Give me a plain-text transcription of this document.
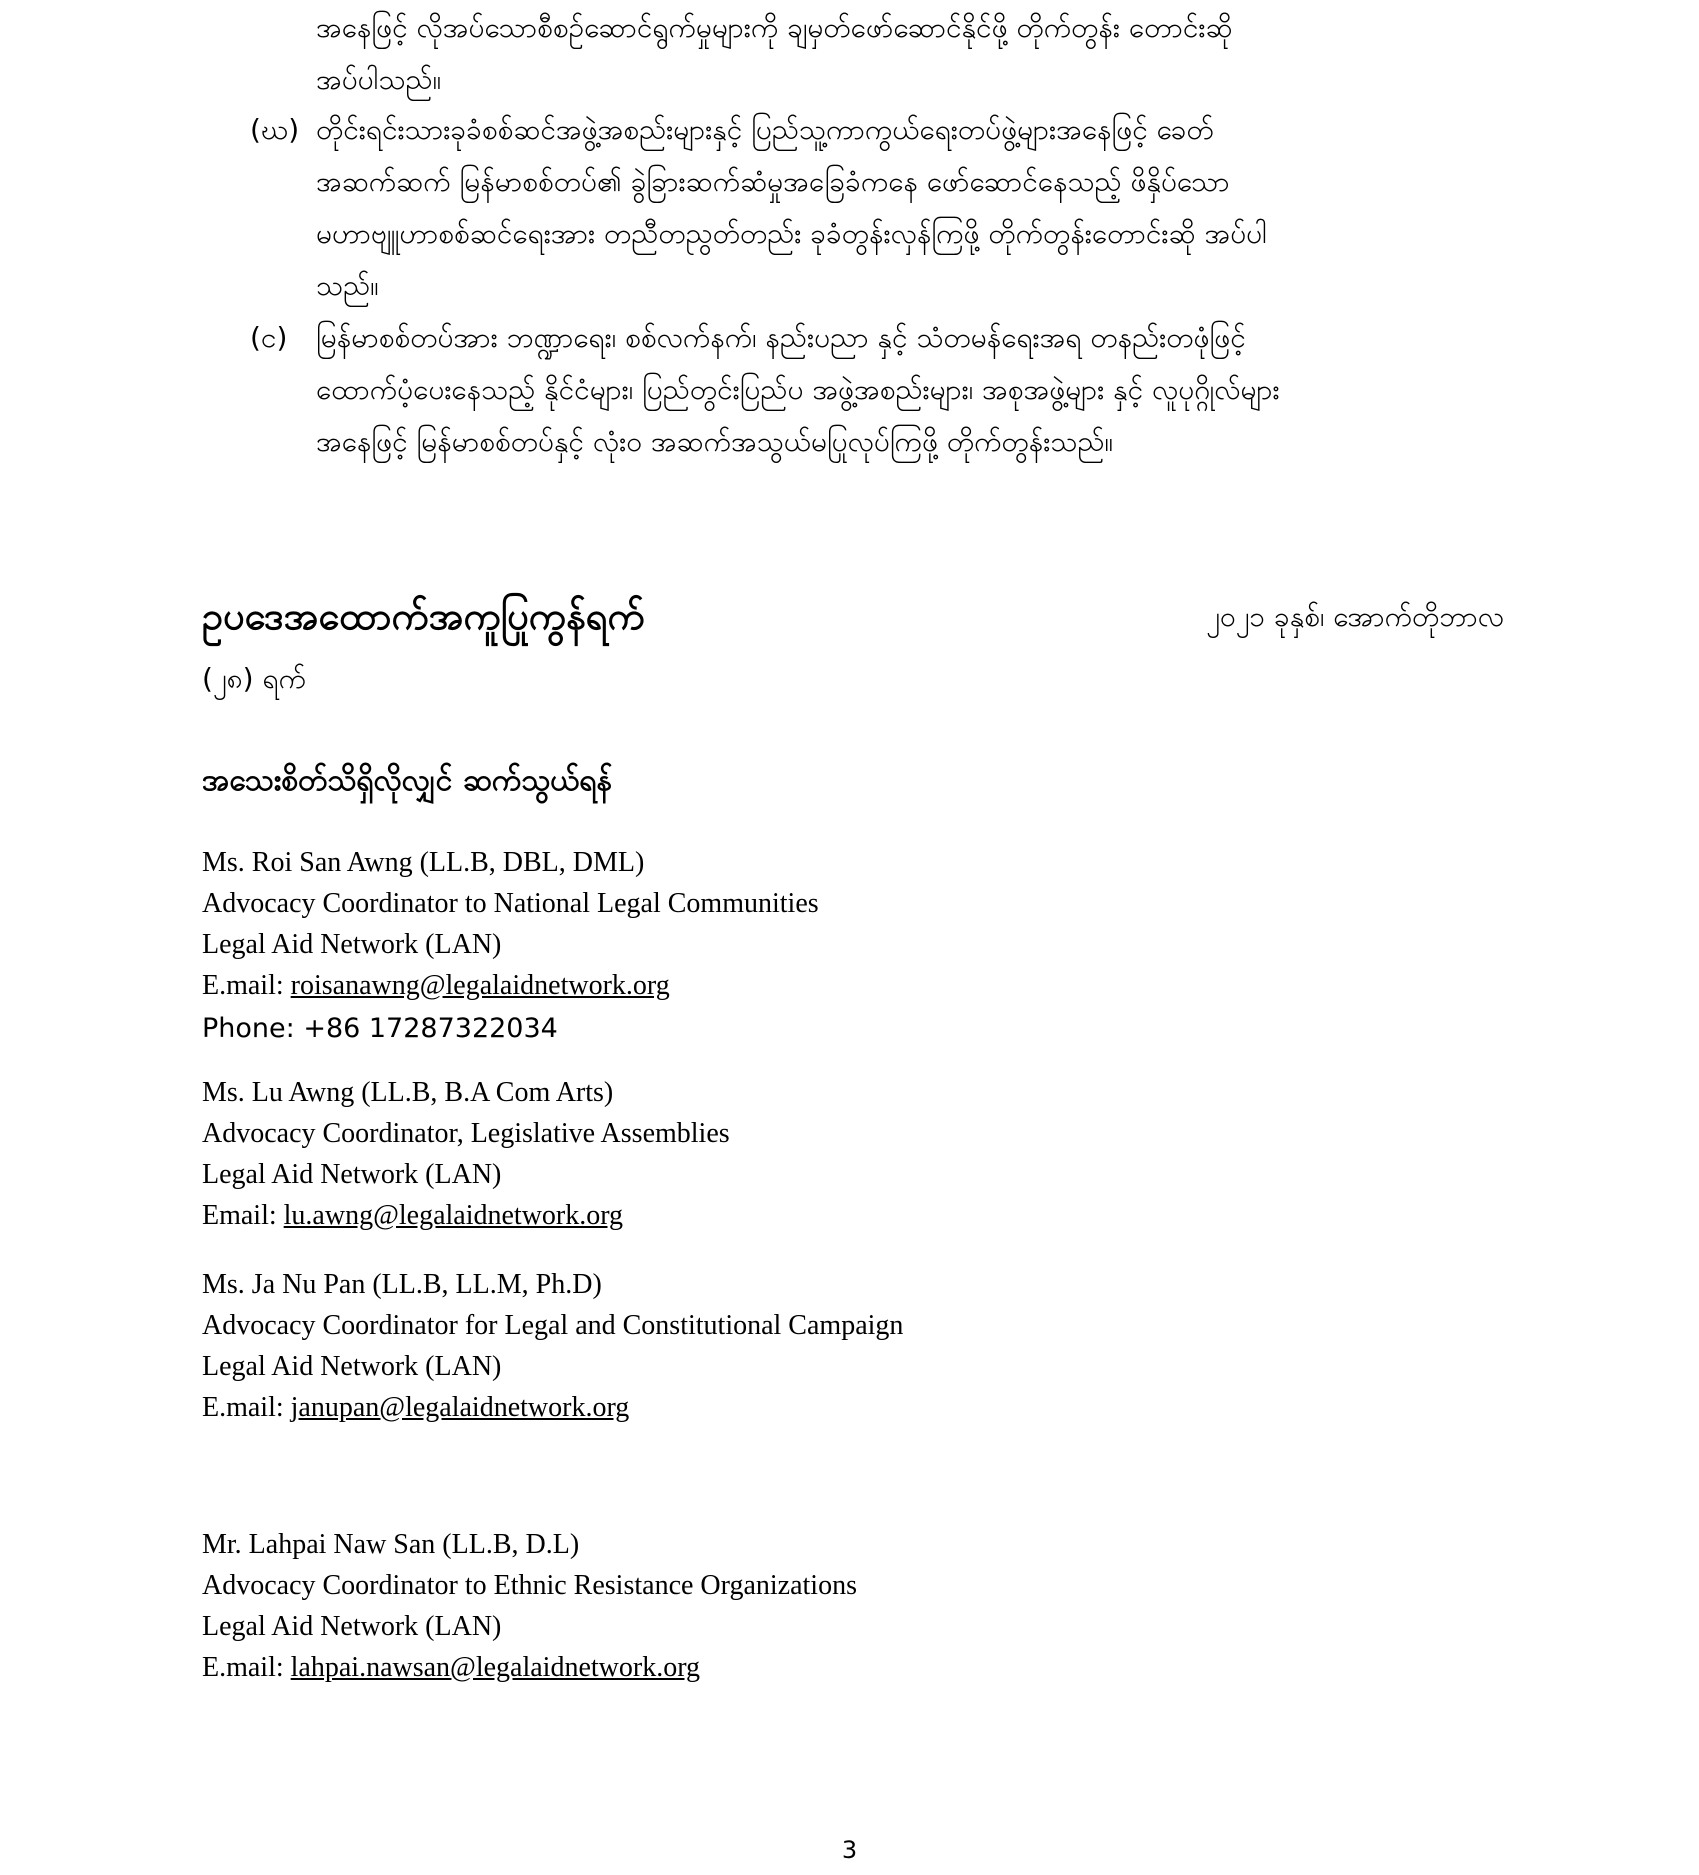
အနေဖြင့် လိုအပ်သောစီစဉ်ဆောင်ရွက်မှုများကို ချမှတ်ဖော်ဆောင်နိုင်ဖို့ တိုက်တွန်း တောင်းဆို
အပ်ပါသည်။
(ဃ) တိုင်းရင်းသားခုခံစစ်ဆင်အဖွဲ့အစည်းများနှင့် ပြည်သူ့ကာကွယ်ရေးတပ်ဖွဲ့များအနေဖြင့် ခေတ်
အဆက်ဆက် မြန်မာစစ်တပ်၏ ခွဲခြားဆက်ဆံမှုအခြေခံကနေ ဖော်ဆောင်နေသည့် ဖိနှိပ်သော
မဟာဗျူဟာစစ်ဆင်ရေးအား တညီတညွတ်တည်း ခုခံတွန်းလှန်ကြဖို့ တိုက်တွန်းတောင်းဆို အပ်ပါ
သည်။
(င) မြန်မာစစ်တပ်အား ဘဏ္ဍာရေး၊ စစ်လက်နက်၊ နည်းပညာ နှင့် သံတမန်ရေးအရ တနည်းတဖုံဖြင့်
ထောက်ပံ့ပေးနေသည့် နိုင်ငံများ၊ ပြည်တွင်းပြည်ပ အဖွဲ့အစည်းများ၊ အစုအဖွဲ့များ နှင့် လူပုဂ္ဂိုလ်များ
အနေဖြင့် မြန်မာစစ်တပ်နှင့် လုံးဝ အဆက်အသွယ်မပြုလုပ်ကြဖို့ တိုက်တွန်းသည်။
ဥပဒေအထောက်အကူပြုကွန်ရက်	၂၀၂၁ ခုနှစ်၊ အောက်တိုဘာလ
(၂၈) ရက်
အသေးစိတ်သိရှိလိုလျှင် ဆက်သွယ်ရန်
Ms. Roi San Awng (LL.B, DBL, DML)
Advocacy Coordinator to National Legal Communities
Legal Aid Network (LAN)
E.mail: roisanawng@legalaidnetwork.org
Phone: +86 17287322034
Ms. Lu Awng (LL.B, B.A Com Arts)
Advocacy Coordinator, Legislative Assemblies
Legal Aid Network (LAN)
Email: lu.awng@legalaidnetwork.org
Ms. Ja Nu Pan (LL.B, LL.M, Ph.D)
Advocacy Coordinator for Legal and Constitutional Campaign
Legal Aid Network (LAN)
E.mail: janupan@legalaidnetwork.org
Mr. Lahpai Naw San (LL.B, D.L)
Advocacy Coordinator to Ethnic Resistance Organizations
Legal Aid Network (LAN)
E.mail: lahpai.nawsan@legalaidnetwork.org
3
